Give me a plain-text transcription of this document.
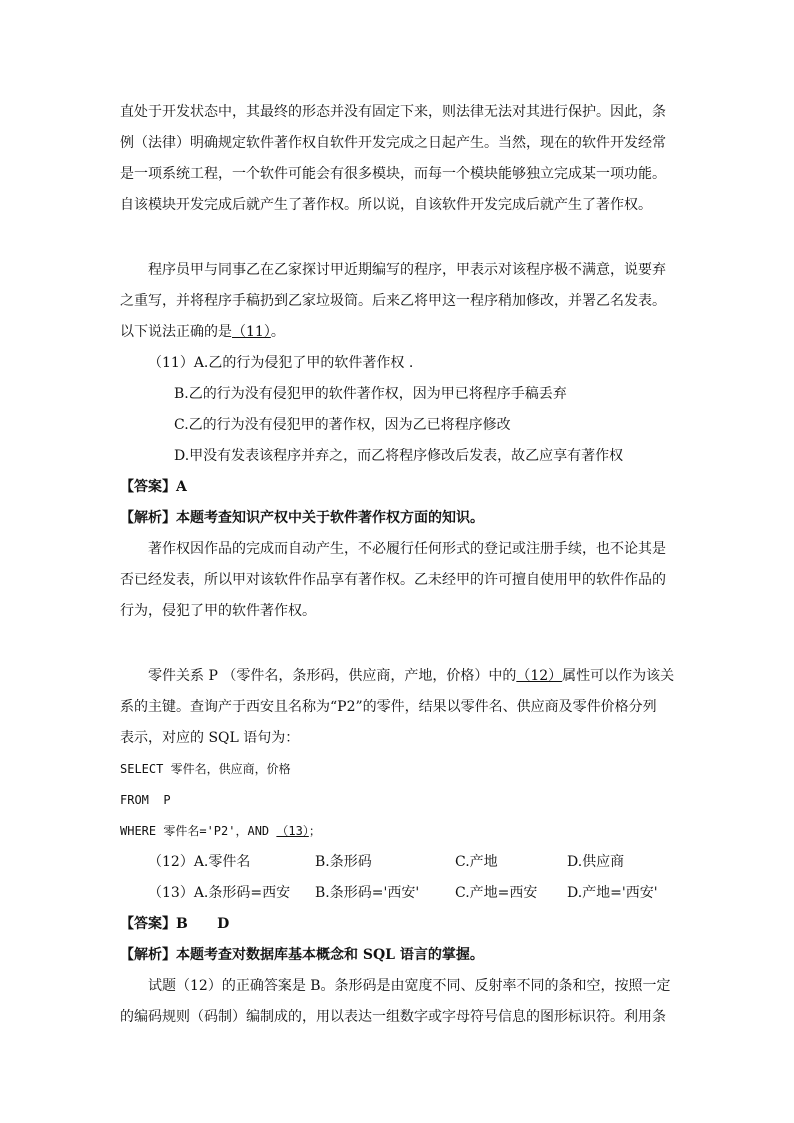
直处于开发状态中，其最终的形态并没有固定下来，则法律无法对其进行保护。因此，条
例（法律）明确规定软件著作权自软件开发完成之日起产生。当然，现在的软件开发经常
是一项系统工程，一个软件可能会有很多模块，而每一个模块能够独立完成某一项功能。
自该模块开发完成后就产生了著作权。所以说，自该软件开发完成后就产生了著作权。
程序员甲与同事乙在乙家探讨甲近期编写的程序，甲表示对该程序极不满意，说要弃
之重写，并将程序手稿扔到乙家垃圾筒。后来乙将甲这一程序稍加修改，并署乙名发表。
以下说法正确的是（11）。
（11）A.乙的行为侵犯了甲的软件著作权 .
B.乙的行为没有侵犯甲的软件著作权，因为甲已将程序手稿丢弃
C.乙的行为没有侵犯甲的著作权，因为乙已将程序修改
D.甲没有发表该程序并弃之，而乙将程序修改后发表，故乙应享有著作权
【答案】A
【解析】本题考查知识产权中关于软件著作权方面的知识。
著作权因作品的完成而自动产生，不必履行任何形式的登记或注册手续，也不论其是
否已经发表，所以甲对该软件作品享有著作权。乙未经甲的许可擅自使用甲的软件作品的
行为，侵犯了甲的软件著作权。
零件关系 P （零件名，条形码，供应商，产地，价格）中的（12）属性可以作为该关
系的主键。查询产于西安且名称为“P2”的零件，结果以零件名、供应商及零件价格分列
表示，对应的 SQL 语句为：
SELECT 零件名，供应商，价格
FROM  P
WHERE 零件名='P2'，AND （13）；
（12）A.零件名	B.条形码	C.产地	D.供应商
（13）A.条形码=西安 B.条形码='西安'	C.产地=西安 D.产地='西安'
【答案】B      D
【解析】本题考查对数据库基本概念和 SQL 语言的掌握。
试题（12）的正确答案是 B。条形码是由宽度不同、反射率不同的条和空，按照一定
的编码规则（码制）编制成的，用以表达一组数字或字母符号信息的图形标识符。利用条
